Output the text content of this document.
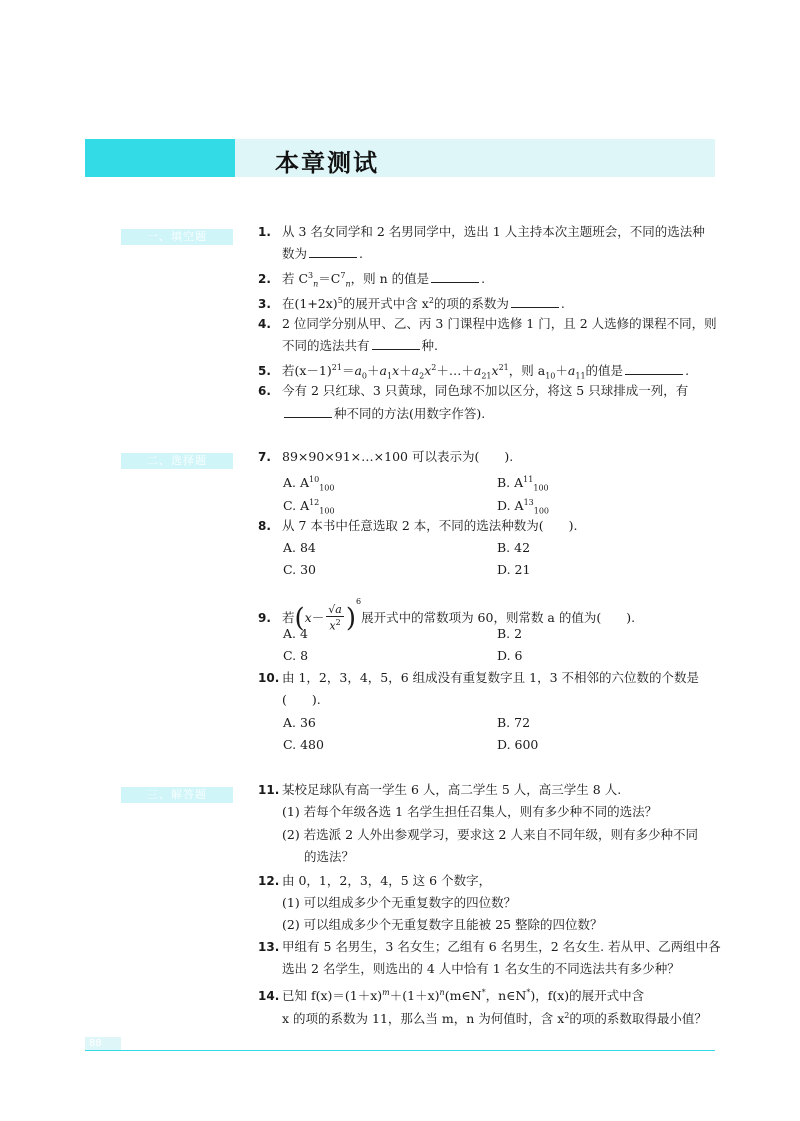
本章测试
一、填空题	1. 从 3 名女同学和 2 名男同学中，选出 1 人主持本次主题班会，不同的选法种
数为	.
2. 若 $C^3_n=C^7_n$，则 n 的值是	.
3. 在$(1+2x)^5$的展开式中含 $x^2$的项的系数为	.
4. 2 位同学分别从甲、乙、丙 3 门课程中选修 1 门，且 2 人选修的课程不同，则
不同的选法共有	种.
5. 若$(x-1)^{21}=a_0+a_1x+a_2x^2+\dots+a_{21}x^{21}$，则 $a_{10}+a_{11}$的值是	.
6. 今有 2 只红球、3 只黄球，同色球不加以区分，将这 5 只球排成一列，有
种不同的方法(用数字作答).
二、选择题	7. 89×90×91×…×100 可以表示为(　　).
A. $A^{10}_{100}$	B. $A^{11}_{100}$
C. $A^{12}_{100}$	D. $A^{13}_{100}$
8. 从 7 本书中任意选取 2 本，不同的选法种数为(　　).
A. 84	B. 42
C. 30	D. 21
9. 若$(x- \frac{√a}{x^2} )^6$展开式中的常数项为 60，则常数 a 的值为(　　).
A. 4	B. 2
C. 8	D. 6
10. 由 1，2，3，4，5，6 组成没有重复数字且 1，3 不相邻的六位数的个数是
(　　).
A. 36	B. 72
C. 480	D. 600
三、解答题	11. 某校足球队有高一学生 6 人，高二学生 5 人，高三学生 8 人.
(1) 若每个年级各选 1 名学生担任召集人，则有多少种不同的选法？
(2) 若选派 2 人外出参观学习，要求这 2 人来自不同年级，则有多少种不同
的选法？
12. 由 0，1，2，3，4，5 这 6 个数字，
(1) 可以组成多少个无重复数字的四位数？
(2) 可以组成多少个无重复数字且能被 25 整除的四位数？
13. 甲组有 5 名男生，3 名女生；乙组有 6 名男生，2 名女生. 若从甲、乙两组中各
选出 2 名学生，则选出的 4 人中恰有 1 名女生的不同选法共有多少种？
14. 已知 $f(x)=(1+x)^m+(1+x)^n(m\in N^*$，n∈N*)，f(x)的展开式中含
x 的项的系数为 11，那么当 m，n 为何值时，含 $x^2$的项的系数取得最小值？
88
